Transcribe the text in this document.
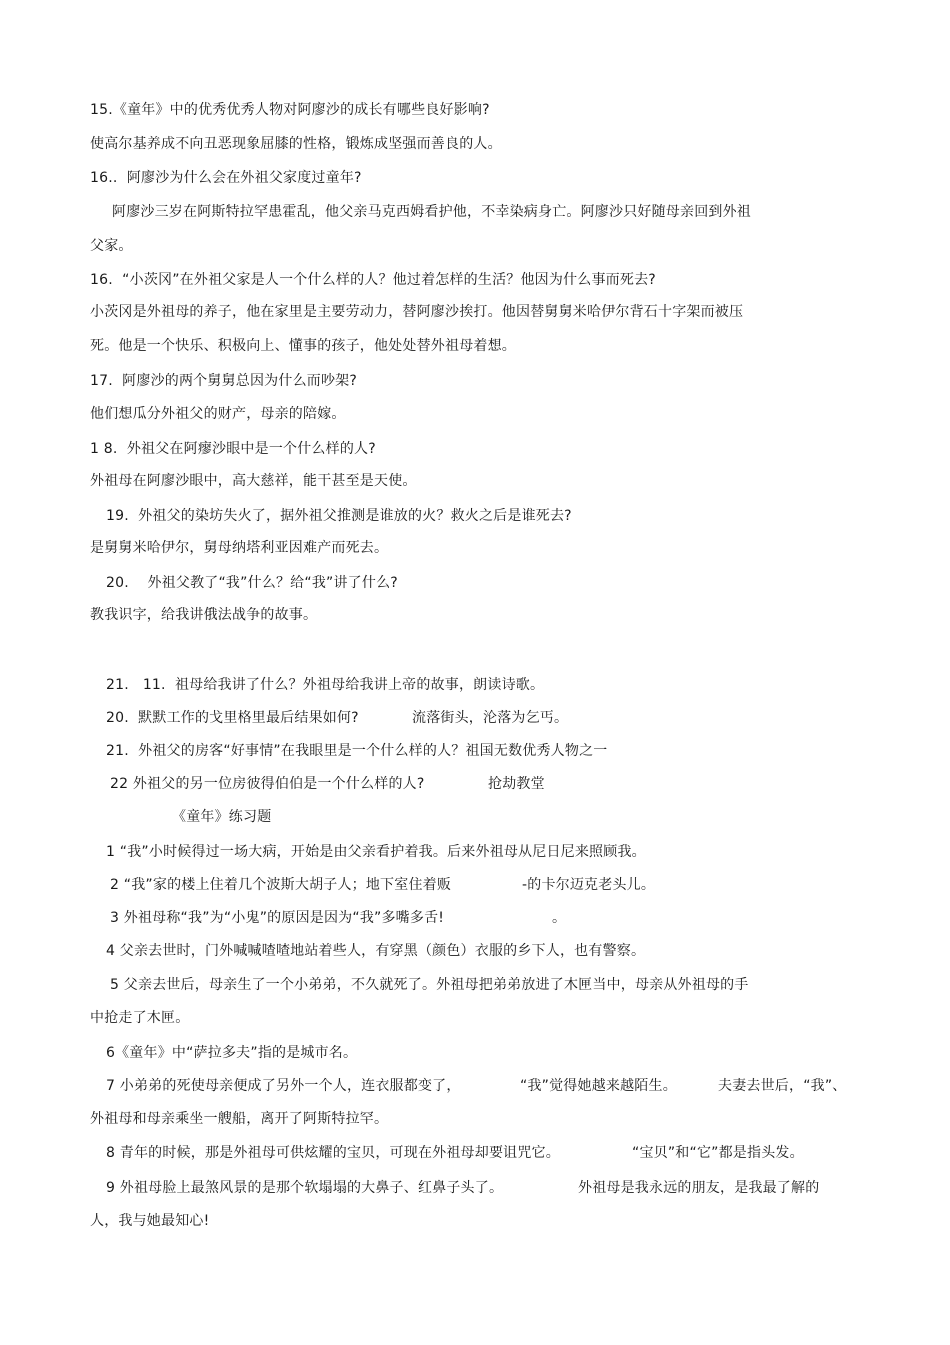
15.《童年》中的优秀优秀人物对阿廖沙的成长有哪些良好影响?
使高尔基养成不向丑恶现象屈膝的性格，锻炼成坚强而善良的人。
16..  阿廖沙为什么会在外祖父家度过童年?
阿廖沙三岁在阿斯特拉罕患霍乱，他父亲马克西姆看护他，不幸染病身亡。阿廖沙只好随母亲回到外祖
父家。
16.  “小茨冈”在外祖父家是人一个什么样的人？他过着怎样的生活？他因为什么事而死去?
小茨冈是外祖母的养子，他在家里是主要劳动力，替阿廖沙挨打。他因替舅舅米哈伊尔背石十字架而被压
死。他是一个快乐、积极向上、懂事的孩子，他处处替外祖母着想。
17.  阿廖沙的两个舅舅总因为什么而吵架?
他们想瓜分外祖父的财产，母亲的陪嫁。
1 8.  外祖父在阿瘳沙眼中是一个什么样的人?
外祖母在阿廖沙眼中，高大慈祥，能干甚至是天使。
19.  外祖父的染坊失火了，据外祖父推测是谁放的火？救火之后是谁死去?
是舅舅米哈伊尔，舅母纳塔利亚因难产而死去。
20.    外祖父教了“我”什么？给“我”讲了什么?
教我识字，给我讲俄法战争的故事。
21.   11.  祖母给我讲了什么？外祖母给我讲上帝的故事，朗读诗歌。
20.  默默工作的戈里格里最后结果如何?	流落街头，沦落为乞丐。
21.  外祖父的房客“好事情”在我眼里是一个什么样的人？祖国无数优秀人物之一
22 外祖父的另一位房彼得伯伯是一个什么样的人?	抢劫教堂
《童年》练习题
1 “我”小时候得过一场大病，开始是由父亲看护着我。后来外祖母从尼日尼来照顾我。
2 “我”家的楼上住着几个波斯大胡子人；地下室住着贩	-的卡尔迈克老头儿。
3 外祖母称“我”为“小鬼”的原因是因为“我”多嘴多舌!	。
4 父亲去世时，门外喊喊喳喳地站着些人，有穿黑（颜色）衣服的乡下人，也有警察。
5 父亲去世后，母亲生了一个小弟弟，不久就死了。外祖母把弟弟放进了木匣当中，母亲从外祖母的手
中抢走了木匣。
6《童年》中“萨拉多夫”指的是城市名。
7 小弟弟的死使母亲便成了另外一个人，连衣服都变了，	“我”觉得她越来越陌生。	夫妻去世后，“我”、
外祖母和母亲乘坐一艘船，离开了阿斯特拉罕。
8 青年的时候，那是外祖母可供炫耀的宝贝，可现在外祖母却要诅咒它。	“宝贝”和“它”都是指头发。
9 外祖母脸上最煞风景的是那个软塌塌的大鼻子、红鼻子头了。	外祖母是我永远的朋友，是我最了解的
人，我与她最知心!
